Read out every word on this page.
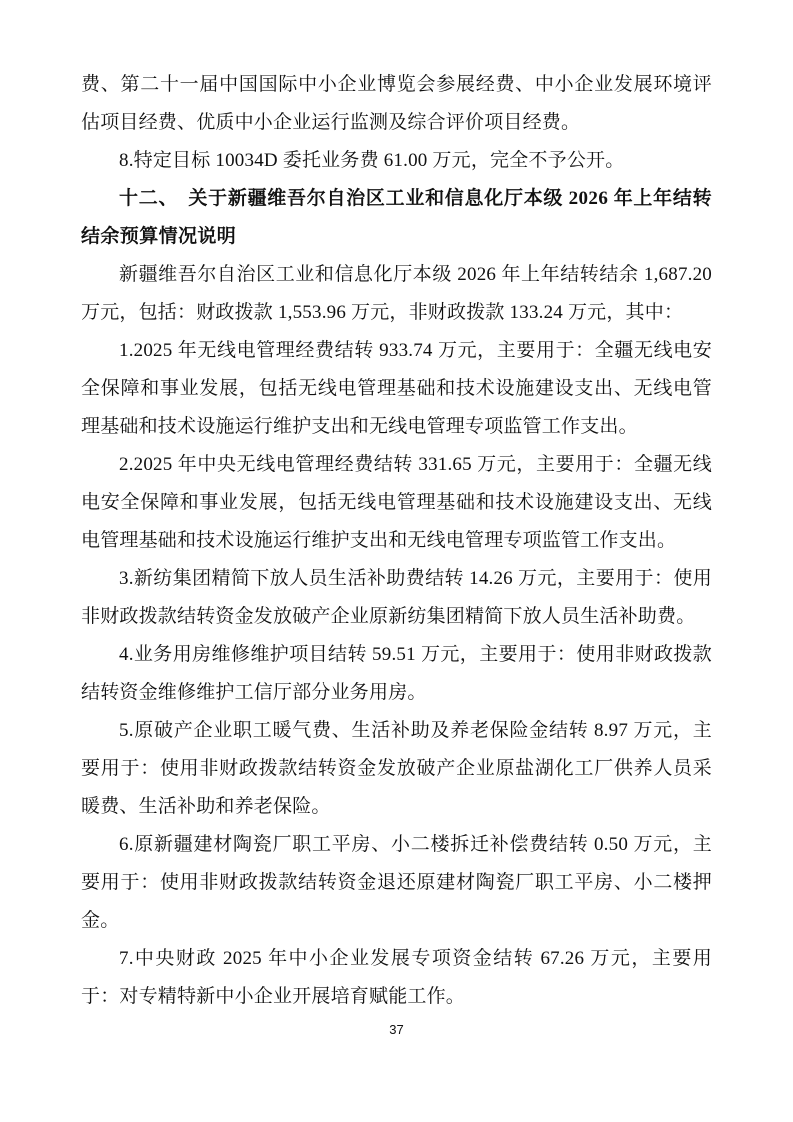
费、第二十一届中国国际中小企业博览会参展经费、中小企业发展环境评估项目经费、优质中小企业运行监测及综合评价项目经费。

8.特定目标 10034D 委托业务费 61.00 万元，完全不予公开。

十二、　关于新疆维吾尔自治区工业和信息化厅本级 2026 年上年结转结余预算情况说明

新疆维吾尔自治区工业和信息化厅本级 2026 年上年结转结余 1,687.20 万元，包括：财政拨款 1,553.96 万元，非财政拨款 133.24 万元，其中：

1.2025 年无线电管理经费结转 933.74 万元，主要用于：全疆无线电安全保障和事业发展，包括无线电管理基础和技术设施建设支出、无线电管理基础和技术设施运行维护支出和无线电管理专项监管工作支出。

2.2025 年中央无线电管理经费结转 331.65 万元，主要用于：全疆无线电安全保障和事业发展，包括无线电管理基础和技术设施建设支出、无线电管理基础和技术设施运行维护支出和无线电管理专项监管工作支出。

3.新纺集团精简下放人员生活补助费结转 14.26 万元，主要用于：使用非财政拨款结转资金发放破产企业原新纺集团精简下放人员生活补助费。

4.业务用房维修维护项目结转 59.51 万元，主要用于：使用非财政拨款结转资金维修维护工信厅部分业务用房。

5.原破产企业职工暖气费、生活补助及养老保险金结转 8.97 万元，主要用于：使用非财政拨款结转资金发放破产企业原盐湖化工厂供养人员采暖费、生活补助和养老保险。

6.原新疆建材陶瓷厂职工平房、小二楼拆迁补偿费结转 0.50 万元，主要用于：使用非财政拨款结转资金退还原建材陶瓷厂职工平房、小二楼押金。

7.中央财政 2025 年中小企业发展专项资金结转 67.26 万元，主要用于：对专精特新中小企业开展培育赋能工作。

37
